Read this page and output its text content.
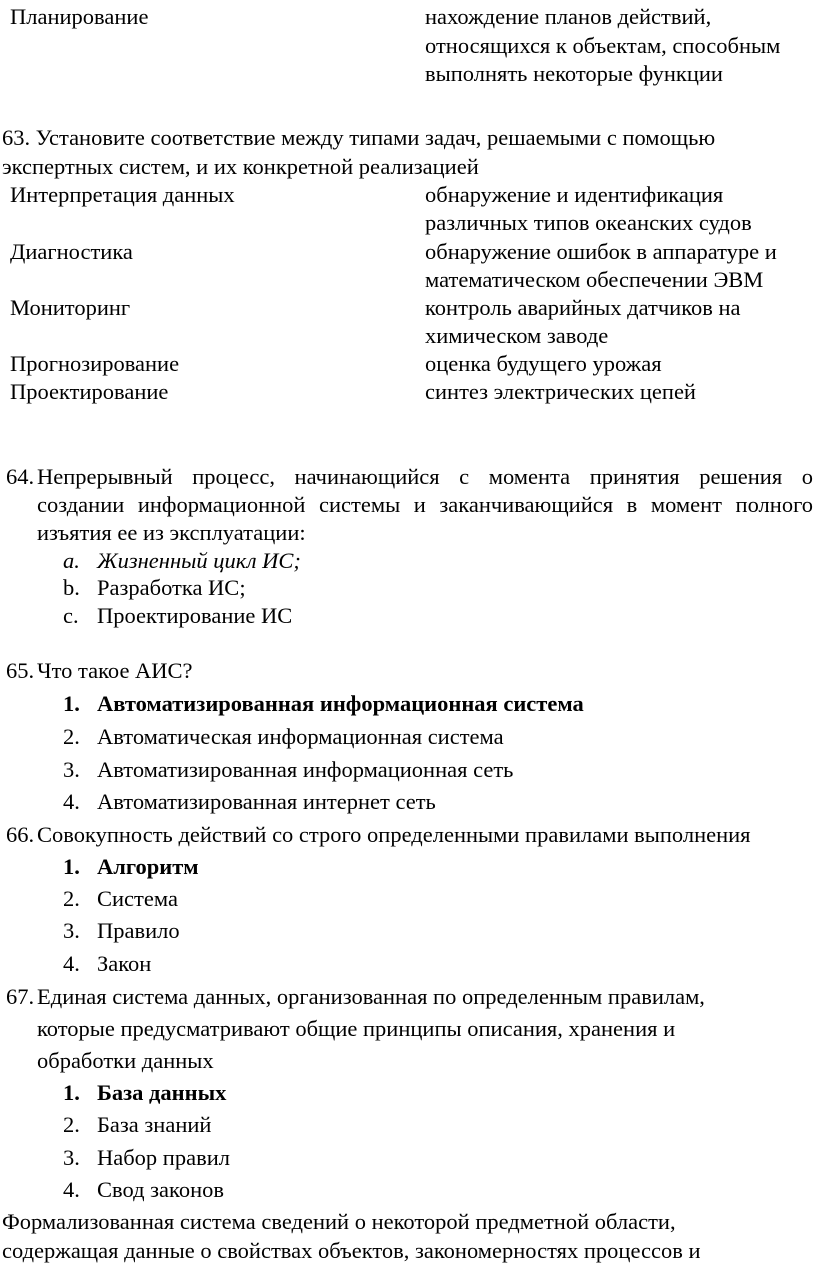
Планирование	нахождение планов действий,
относящихся к объектам, способным
выполнять некоторые функции
63. Установите соответствие между типами задач, решаемыми с помощью
экспертных систем, и их конкретной реализацией
Интерпретация данных	обнаружение и идентификация
различных типов океанских судов
Диагностика	обнаружение ошибок в аппаратуре и
математическом обеспечении ЭВМ
Мониторинг	контроль аварийных датчиков на
химическом заводе
Прогнозирование	оценка будущего урожая
Проектирование	синтез электрических цепей
64. Непрерывный процесс, начинающийся с момента принятия решения о
создании информационной системы и заканчивающийся в момент полного
изъятия ее из эксплуатации:
a. Жизненный цикл ИС;
b. Разработка ИС;
c. Проектирование ИС
65. Что такое АИС?
1. Автоматизированная информационная система
2. Автоматическая информационная система
3. Автоматизированная информационная сеть
4. Автоматизированная интернет сеть
66. Совокупность действий со строго определенными правилами выполнения
1. Алгоритм
2. Система
3. Правило
4. Закон
67. Единая система данных, организованная по определенным правилам,
которые предусматривают общие принципы описания, хранения и
обработки данных
1. База данных
2. База знаний
3. Набор правил
4. Свод законов
Формализованная система сведений о некоторой предметной области,
содержащая данные о свойствах объектов, закономерностях процессов и
